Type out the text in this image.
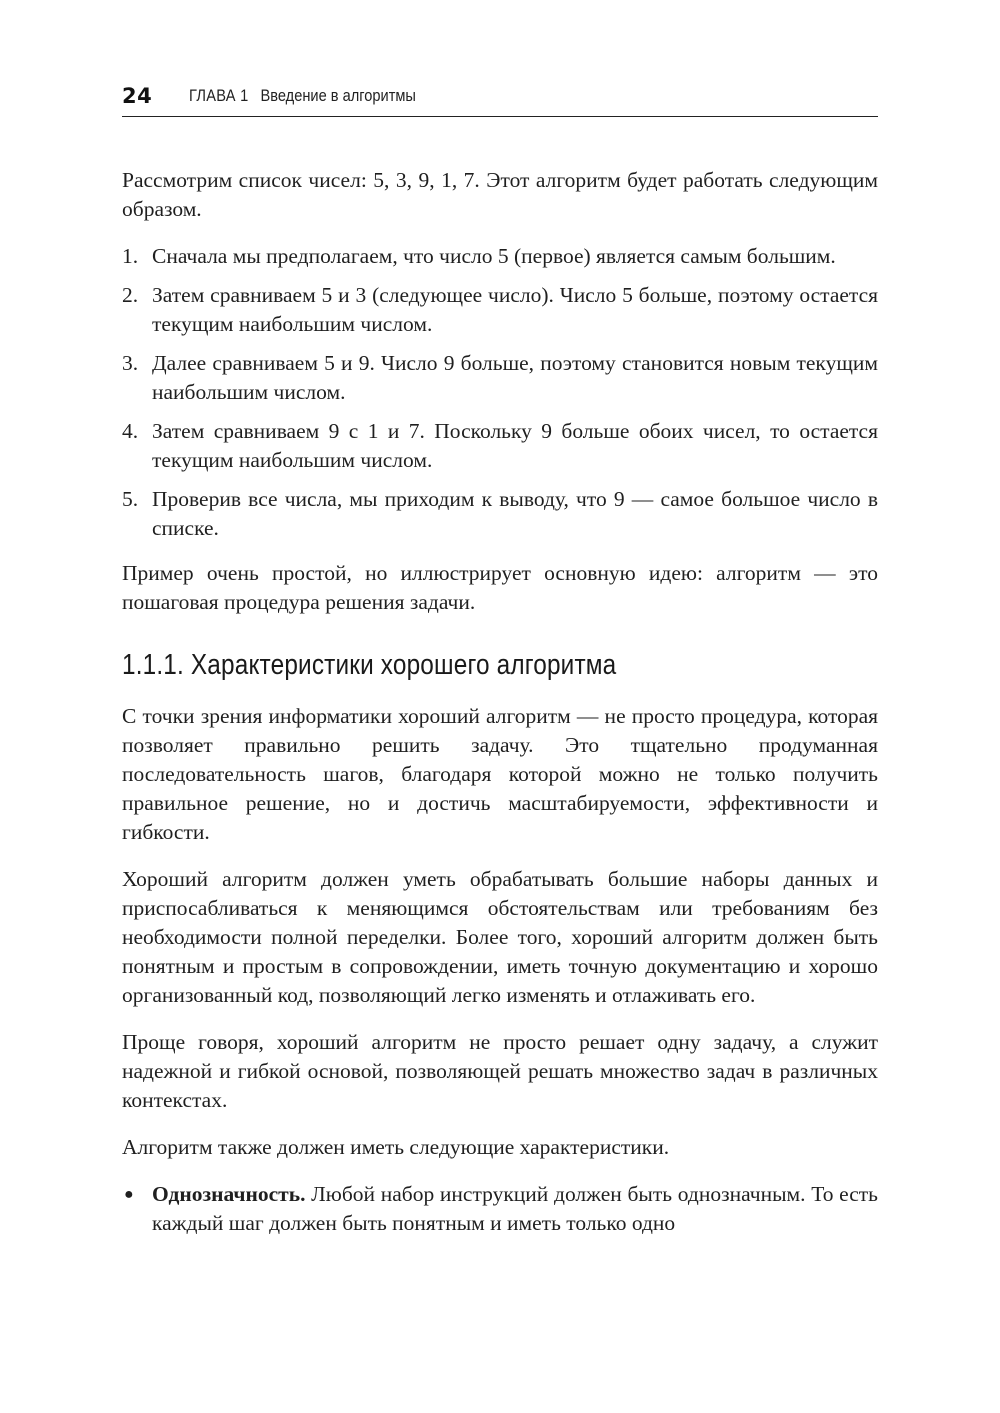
24 ГЛАВА 1 Введение в алгоритмы

Рассмотрим список чисел: 5, 3, 9, 1, 7. Этот алгоритм будет работать следующим образом.

1. Сначала мы предполагаем, что число 5 (первое) является самым большим.
2. Затем сравниваем 5 и 3 (следующее число). Число 5 больше, поэтому остается текущим наибольшим числом.
3. Далее сравниваем 5 и 9. Число 9 больше, поэтому становится новым текущим наибольшим числом.
4. Затем сравниваем 9 с 1 и 7. Поскольку 9 больше обоих чисел, то остается текущим наибольшим числом.
5. Проверив все числа, мы приходим к выводу, что 9 — самое большое число в списке.

Пример очень простой, но иллюстрирует основную идею: алгоритм — это пошаговая процедура решения задачи.

1.1.1. Характеристики хорошего алгоритма

С точки зрения информатики хороший алгоритм — не просто процедура, которая позволяет правильно решить задачу. Это тщательно продуманная последовательность шагов, благодаря которой можно не только получить правильное решение, но и достичь масштабируемости, эффективности и гибкости.

Хороший алгоритм должен уметь обрабатывать большие наборы данных и приспосабливаться к меняющимся обстоятельствам или требованиям без необходимости полной переделки. Более того, хороший алгоритм должен быть понятным и простым в сопровождении, иметь точную документацию и хорошо организованный код, позволяющий легко изменять и отлаживать его.

Проще говоря, хороший алгоритм не просто решает одну задачу, а служит надежной и гибкой основой, позволяющей решать множество задач в различных контекстах.

Алгоритм также должен иметь следующие характеристики.

● Однозначность. Любой набор инструкций должен быть однозначным. То есть каждый шаг должен быть понятным и иметь только одно
